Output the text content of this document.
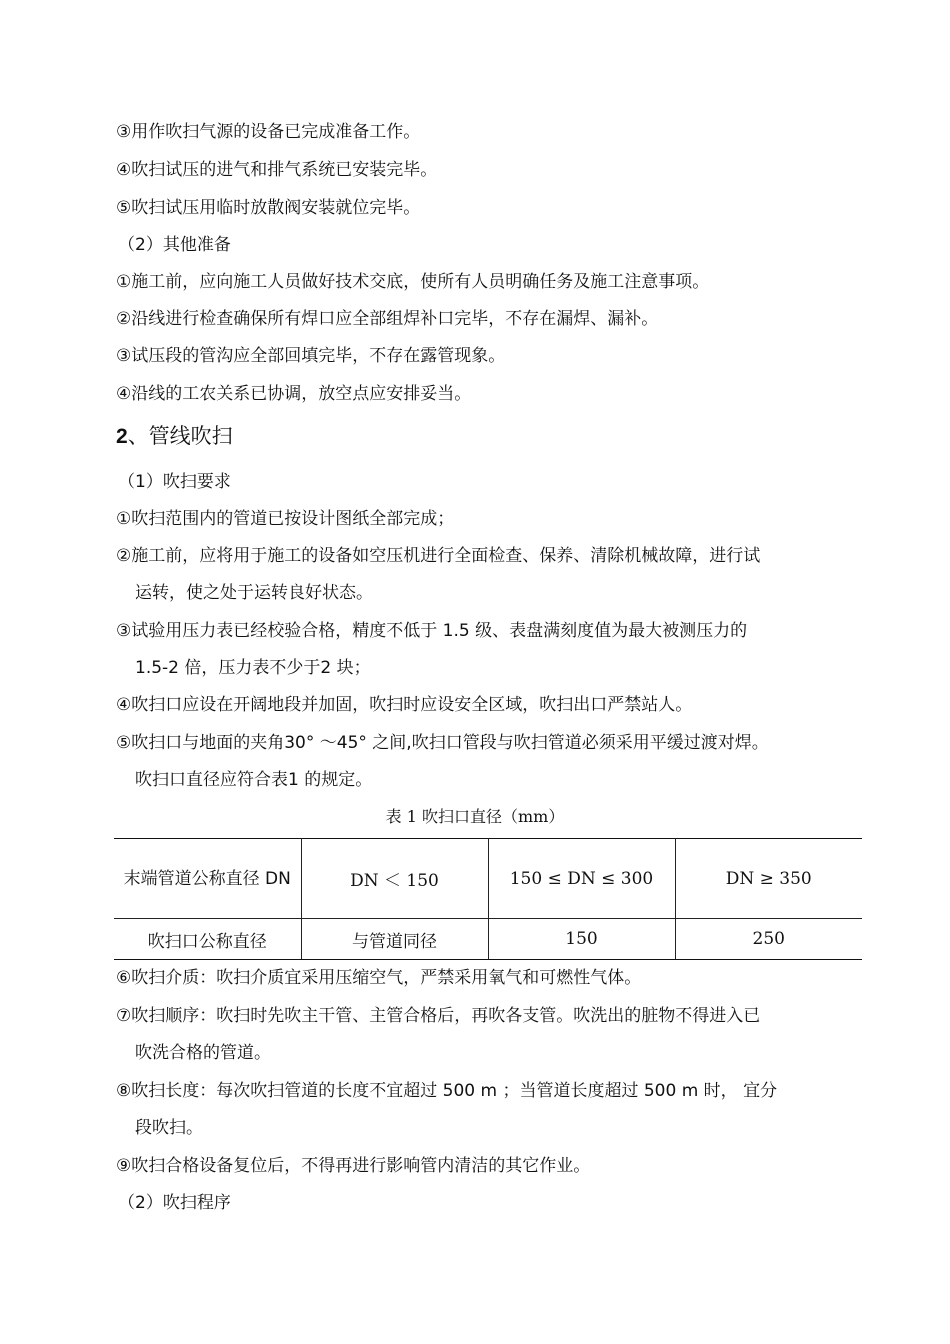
③用作吹扫气源的设备已完成准备工作。
④吹扫试压的进气和排气系统已安装完毕。
⑤吹扫试压用临时放散阀安装就位完毕。
（2）其他准备
①施工前，应向施工人员做好技术交底，使所有人员明确任务及施工注意事项。
②沿线进行检查确保所有焊口应全部组焊补口完毕，不存在漏焊、漏补。
③试压段的管沟应全部回填完毕，不存在露管现象。
④沿线的工农关系已协调，放空点应安排妥当。
2、管线吹扫
（1）吹扫要求
①吹扫范围内的管道已按设计图纸全部完成；
②施工前，应将用于施工的设备如空压机进行全面检查、保养、清除机械故障，进行试
运转，使之处于运转良好状态。
③试验用压力表已经校验合格，精度不低于 1.5 级、表盘满刻度值为最大被测压力的
1.5-2 倍，压力表不少于2 块；
④吹扫口应设在开阔地段并加固，吹扫时应设安全区域，吹扫出口严禁站人。
⑤吹扫口与地面的夹角30° ～45° 之间,吹扫口管段与吹扫管道必须采用平缓过渡对焊。
吹扫口直径应符合表1 的规定。
表 1 吹扫口直径（mm）
末端管道公称直径 DN	DN ＜ 150	150 ≤ DN ≤ 300	DN ≥ 350
吹扫口公称直径	与管道同径	150	250
⑥吹扫介质：吹扫介质宜采用压缩空气，严禁采用氧气和可燃性气体。
⑦吹扫顺序：吹扫时先吹主干管、主管合格后，再吹各支管。吹洗出的脏物不得进入已
吹洗合格的管道。
⑧吹扫长度：每次吹扫管道的长度不宜超过 500 m ；当管道长度超过 500 m 时， 宜分
段吹扫。
⑨吹扫合格设备复位后，不得再进行影响管内清洁的其它作业。
（2）吹扫程序
